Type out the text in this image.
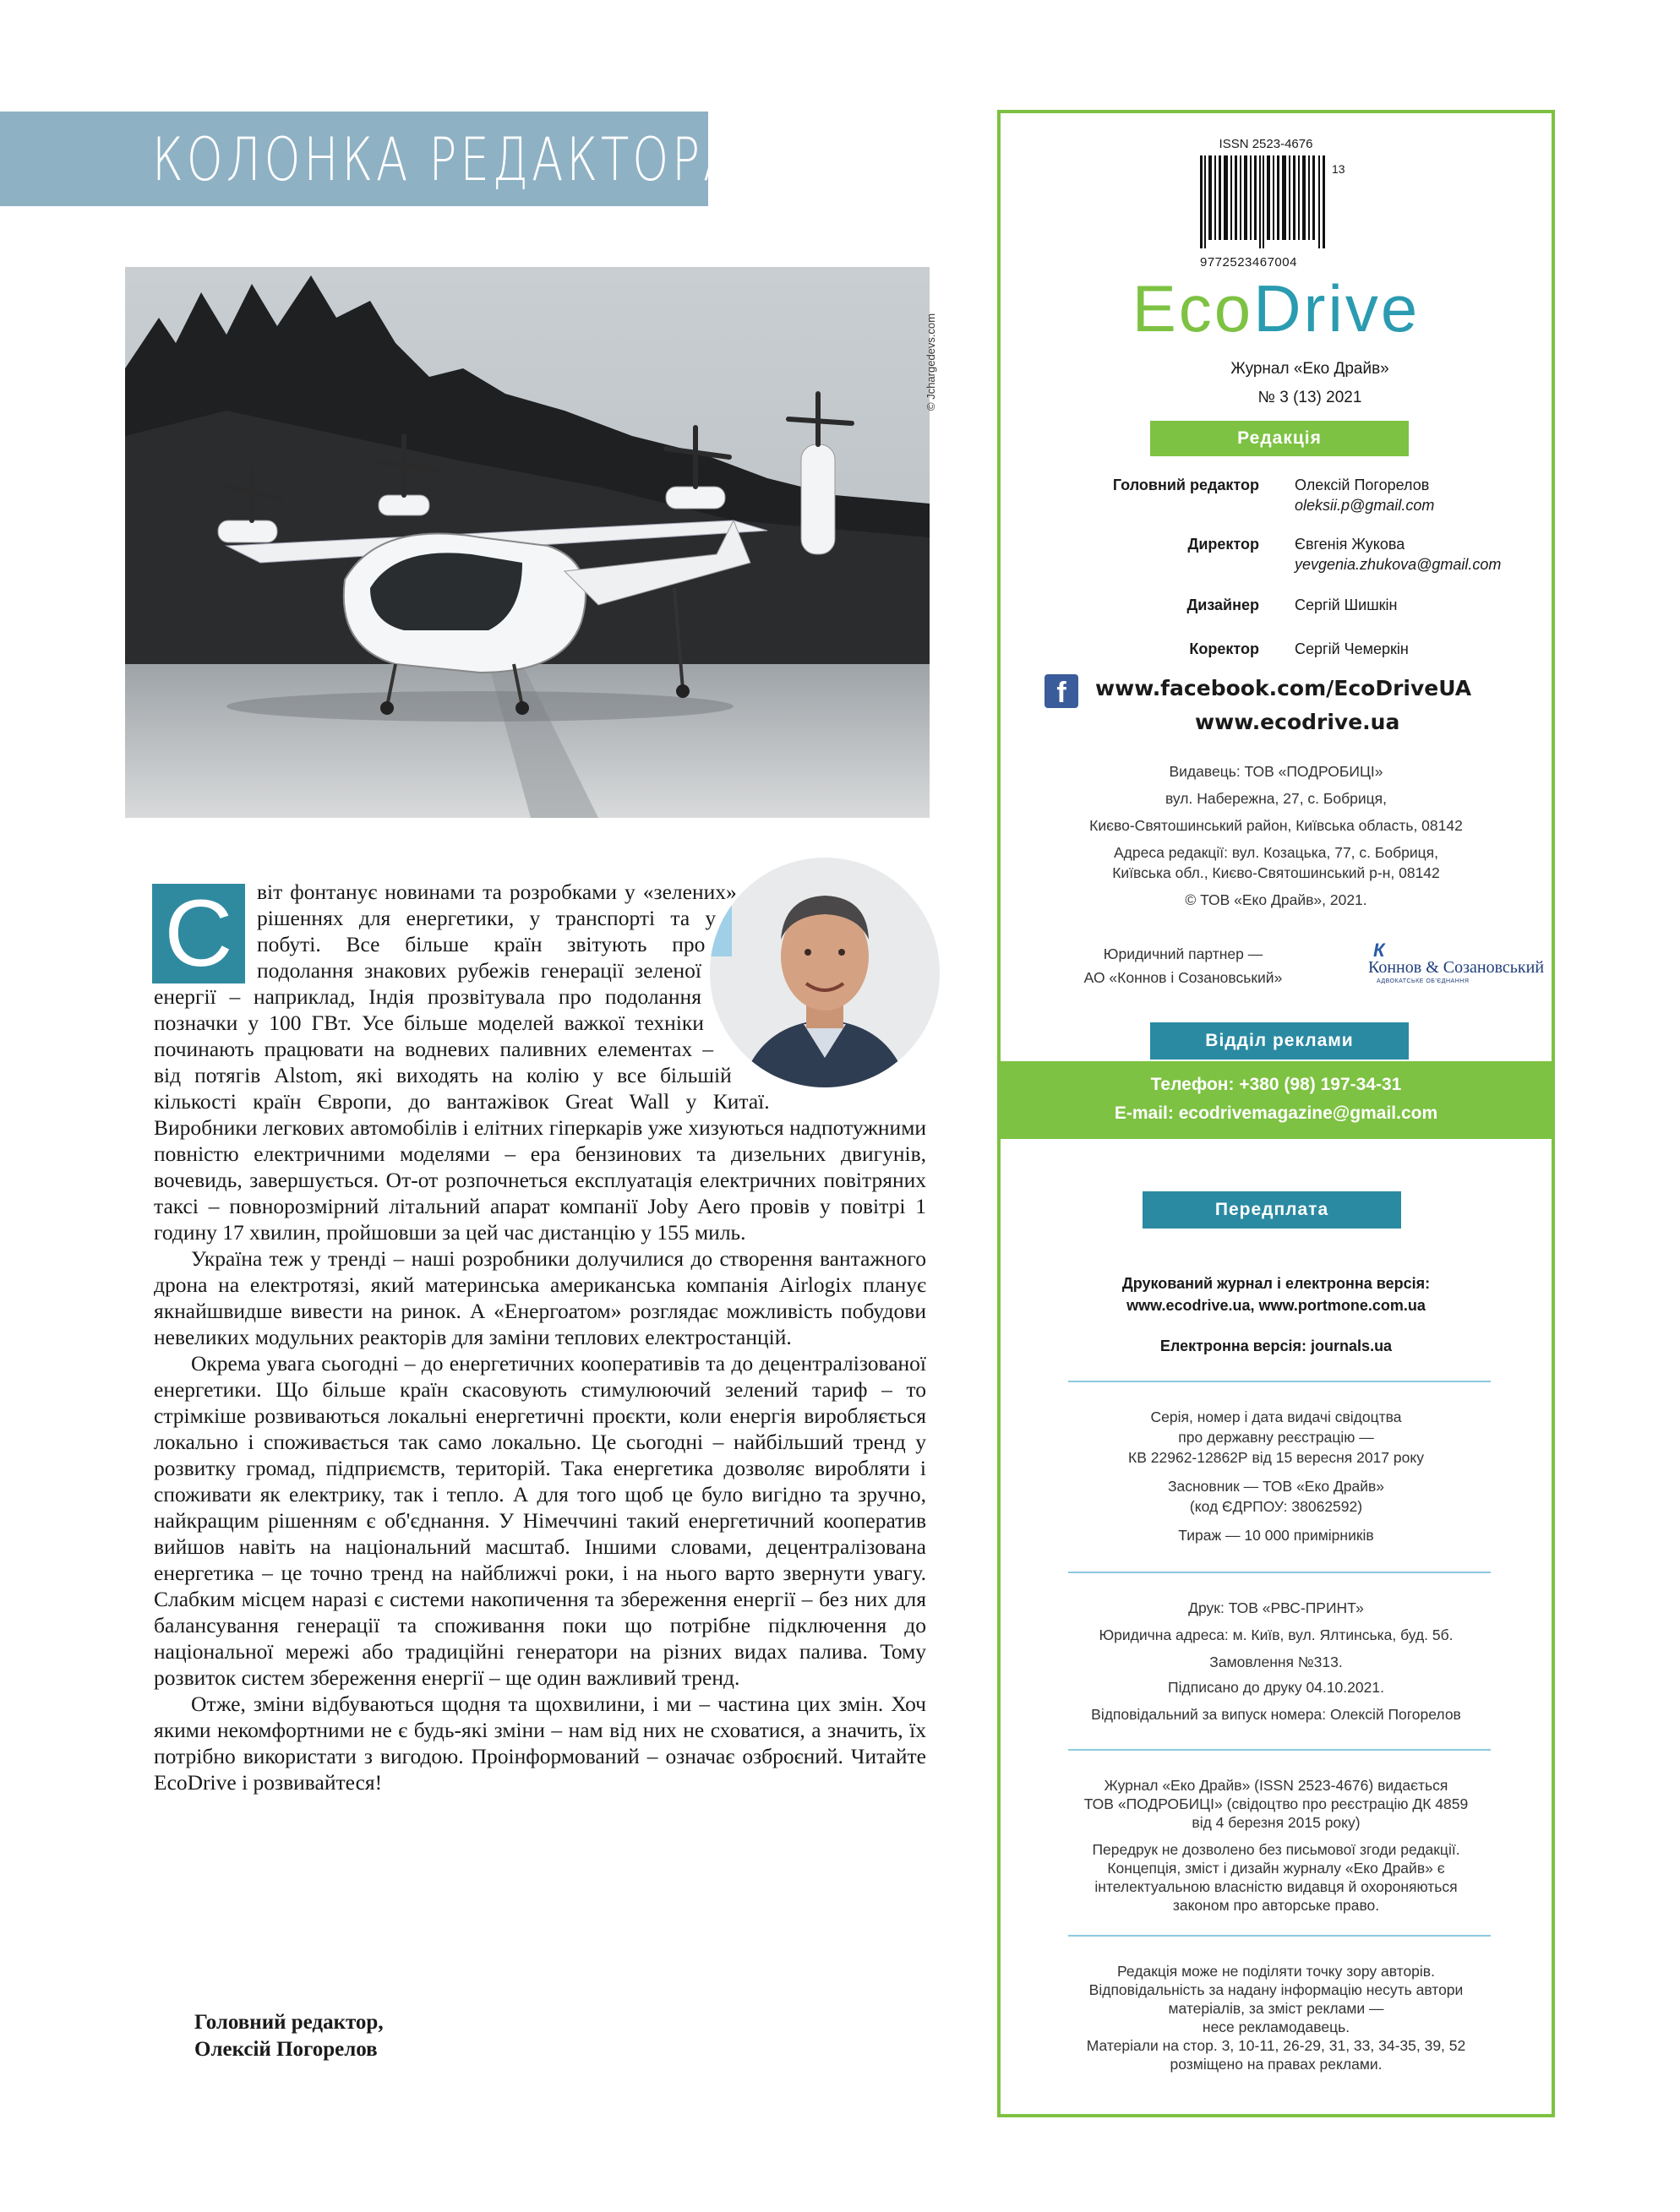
КОЛОНКА РЕДАКТОРА
© Jchargedevs.com

С	віт фонтанує новинами та розробками у «зелених» рішеннях для енергетики, у транспорті та у побуті. Все більше країн звітують про подолання знакових рубежів генерації зеленої енергії – наприклад, Індія прозвітувала про подолання позначки у 100 ГВт. Усе більше моделей важкої техніки починають працювати на водневих паливних елементах – від потягів Alstom, які виходять на колію у все більшій кількості країн Європи, до вантажівок Great Wall у Китаї. Виробники легкових автомобілів і елітних гіперкарів уже хизуються надпотужними повністю електричними моделями – ера бензинових та дизельних двигунів, вочевидь, завершується. От-от розпочнеться експлуатація електричних повітряних таксі – повнорозмірний літальний апарат компанії Joby Aero провів у повітрі 1 годину 17 хвилин, пройшовши за цей час дистанцію у 155 миль.

Україна теж у тренді – наші розробники долучилися до створення вантажного дрона на електротязі, який материнська американська компанія Airlogix планує якнайшвидше вивести на ринок. А «Енергоатом» розглядає можливість побудови невеликих модульних реакторів для заміни теплових електростанцій.

Окрема увага сьогодні – до енергетичних кооперативів та до децентралізованої енергетики. Що більше країн скасовують стимулюючий зелений тариф – то стрімкіше розвиваються локальні енергетичні проєкти, коли енергія виробляється локально і споживається так само локально. Це сьогодні – найбільший тренд у розвитку громад, підприємств, територій. Така енергетика дозволяє виробляти і споживати як електрику, так і тепло. А для того щоб це було вигідно та зручно, найкращим рішенням є об'єднання. У Німеччині такий енергетичний кооператив вийшов навіть на національний масштаб. Іншими словами, децентралізована енергетика – це точно тренд на найближчі роки, і на нього варто звернути увагу. Слабким місцем наразі є системи накопичення та збереження енергії – без них для балансування генерації та споживання поки що потрібне підключення до національної мережі або традиційні генератори на різних видах палива. Тому розвиток систем збереження енергії – ще один важливий тренд.

Отже, зміни відбуваються щодня та щохвилини, і ми – частина цих змін. Хоч якими некомфортними не є будь-які зміни – нам від них не сховатися, а значить, їх потрібно використати з вигодою. Проінформований – означає озброєний. Читайте EcoDrive і розвивайтеся!

Головний редактор,
Олексій Погорелов
ISSN 2523-4676
13
9772523467004
EcoDrive
Журнал «Еко Драйв»
№ 3 (13) 2021
Редакція
Головний редактор Олексій Погорелов
oleksii.p@gmail.com
Директор Євгенія Жукова
yevgenia.zhukova@gmail.com
Дизайнер Сергій Шишкін
Коректор Сергій Чемеркін
f	www.facebook.com/EcoDriveUA
www.ecodrive.ua
Видавець: ТОВ «ПОДРОБИЦІ»
вул. Набережна, 27, с. Бобриця,
Києво-Святошинський район, Київська область, 08142
Адреса редакції: вул. Козацька, 77, с. Бобриця,
Київська обл., Києво-Святошинський р-н, 08142
© ТОВ «Еко Драйв», 2021.
Юридичний партнер —
АО «Коннов і Созановський»
К
Коннов & Созановський
АДВОКАТСЬКЕ ОБ'ЄДНАННЯ
Відділ реклами
Телефон: +380 (98) 197-34-31
E-mail: ecodrivemagazine@gmail.com
Передплата
Друкований журнал і електронна версія:
www.ecodrive.ua, www.portmone.com.ua
Електронна версія: journals.ua
Серія, номер і дата видачі свідоцтва
про державну реєстрацію —
КВ 22962-12862Р від 15 вересня 2017 року
Засновник — ТОВ «Еко Драйв»
(код ЄДРПОУ: 38062592)
Тираж — 10 000 примірників
Друк: ТОВ «РВС-ПРИНТ»
Юридична адреса: м. Київ, вул. Ялтинська, буд. 5б.
Замовлення №313.
Підписано до друку 04.10.2021.
Відповідальний за випуск номера: Олексій Погорелов
Журнал «Еко Драйв» (ISSN 2523-4676) видається
ТОВ «ПОДРОБИЦІ» (свідоцтво про реєстрацію ДК 4859
від 4 березня 2015 року)
Передрук не дозволено без письмової згоди редакції.
Концепція, зміст і дизайн журналу «Еко Драйв» є
інтелектуальною власністю видавця й охороняються
законом про авторське право.
Редакція може не поділяти точку зору авторів.
Відповідальність за надану інформацію несуть автори
матеріалів, за зміст реклами —
несе рекламодавець.
Матеріали на стор. 3, 10-11, 26-29, 31, 33, 34-35, 39, 52
розміщено на правах реклами.
